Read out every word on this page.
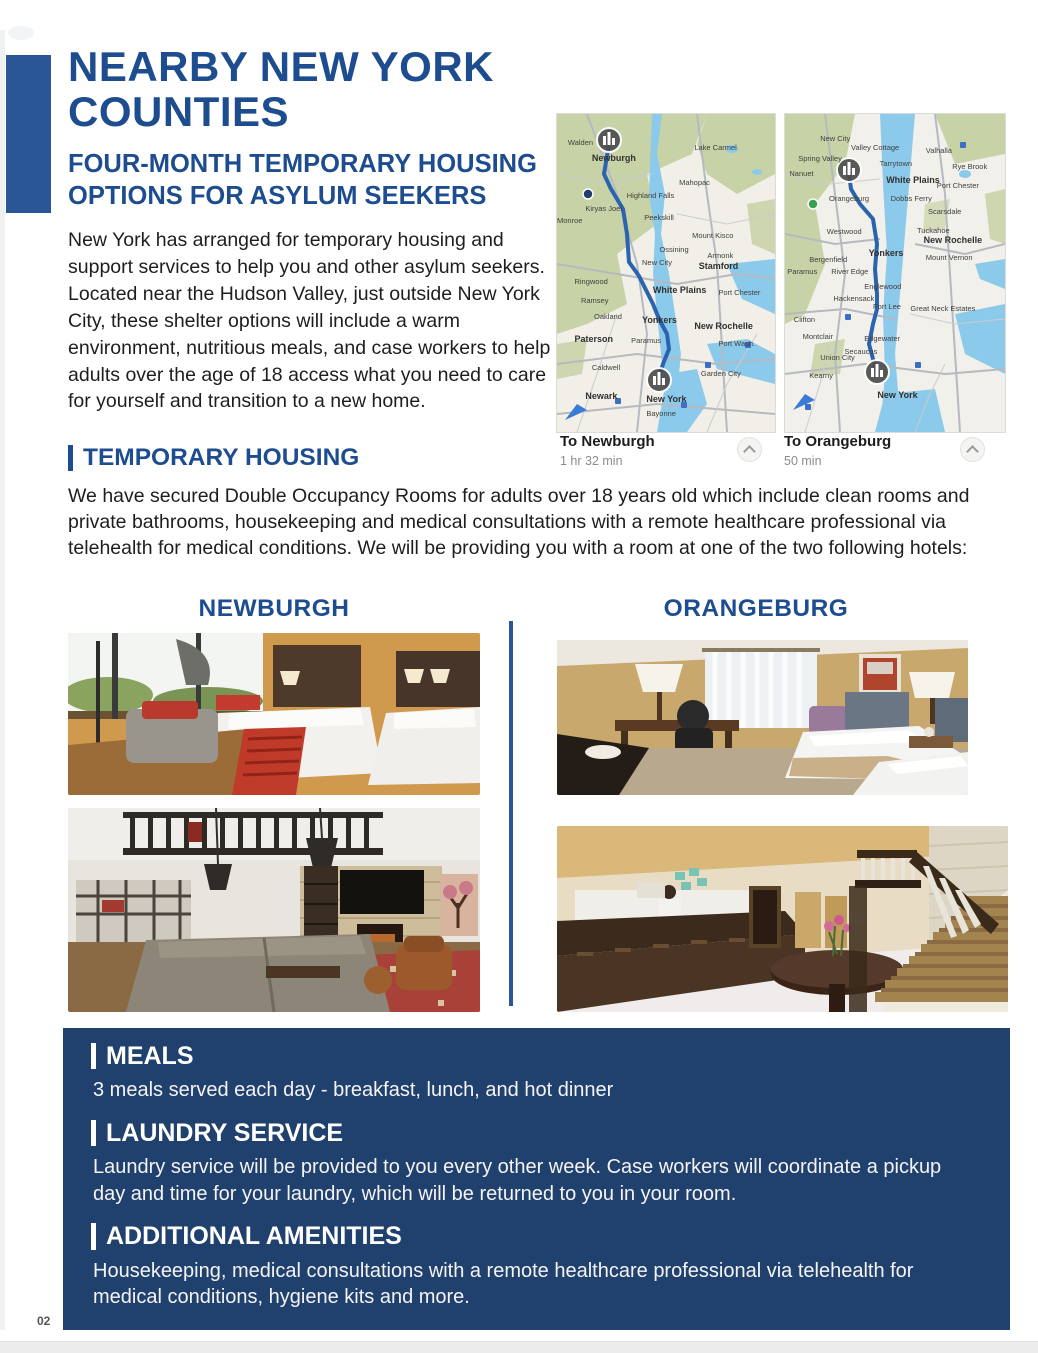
NEARBY NEW YORK
COUNTIES
FOUR-MONTH TEMPORARY HOUSING
OPTIONS FOR ASYLUM SEEKERS
New York has arranged for temporary housing and support services to help you and other asylum seekers. Located near the Hudson Valley, just outside New York City, these shelter options will include a warm environment, nutritious meals, and case workers to help adults over the age of 18 access what you need to care for yourself and transition to a new home.
Walden
Newburgh
Lake Carmel
Mahopac
Highland Falls
Kiryas Joel
Peekskill
Monroe
Mount Kisco
Ossining
Armonk
New City	Stamford
White Plains Port Chester
Ringwood
Ramsey
Oakland Yonkers
New Rochelle
Paterson Paramus	Port Wash.
Caldwell
Garden City
Newark	New York
Bayonne
New City
Valley Cottage	Valhalla
Spring Valley
Tarrytown	Rye Brook
Nanuet
White Plains
Port Chester
Orangeburg	Dobbs Ferry
Scarsdale
Westwood	Tuckahoe
New Rochelle
Bergenfield
Yonkers	Mount Vernon
Paramus River Edge
Englewood
Hackensack
Fort Lee Great Neck Estates
Clifton
Montclair	Edgewater
Secaucus
Union City
Kearny
New York
To Newburgh
1 hr 32 min
To Orangeburg
50 min
TEMPORARY HOUSING
We have secured Double Occupancy Rooms for adults over 18 years old which include clean rooms and private bathrooms, housekeeping and medical consultations with a remote healthcare professional via telehealth for medical conditions. We will be providing you with a room at one of the two following hotels:
NEWBURGH	ORANGEBURG
MEALS
3 meals served each day - breakfast, lunch, and hot dinner
LAUNDRY SERVICE
Laundry service will be provided to you every other week. Case workers will coordinate a pickup day and time for your laundry, which will be returned to you in your room.
ADDITIONAL AMENITIES
Housekeeping, medical consultations with a remote healthcare professional via telehealth for medical conditions, hygiene kits and more.
02
